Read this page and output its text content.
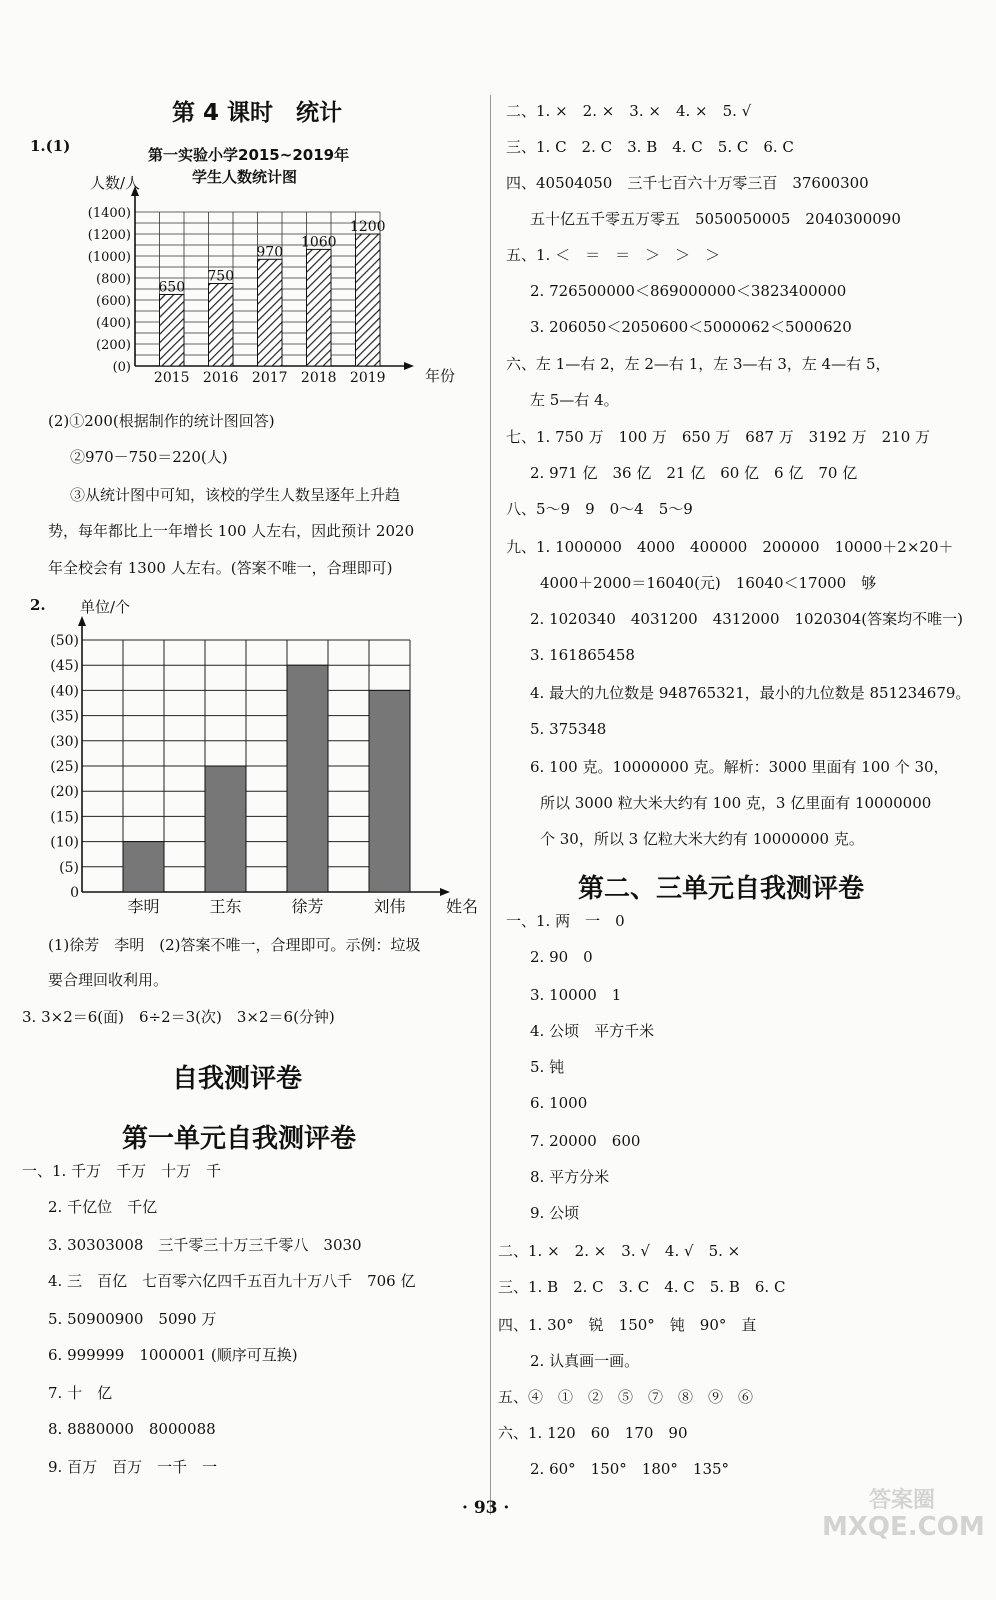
第 4 课时　统计
1.(1)	第一实验小学2015~2019年
学生人数统计图
(1400)
(1200)
(1000)
(800)
(600)
(400)
(200)
(0)
人数/人
年份
2015
650
2016
750
2017
970
2018
1060
2019
1200
(2)①200(根据制作的统计图回答)
②970－750＝220(人)
③从统计图中可知，该校的学生人数呈逐年上升趋
势，每年都比上一年增长 100 人左右，因此预计 2020
年全校会有 1300 人左右。(答案不唯一，合理即可)
2.
(50)
(45)
(40)
(35)
(30)
(25)
(20)
(15)
(10)
(5)
0
单位/个
姓名
李明	王东	徐芳	刘伟
(1)徐芳　李明　(2)答案不唯一，合理即可。示例：垃圾
要合理回收利用。
3. 3×2＝6(面)　6÷2＝3(次)　3×2＝6(分钟)
自我测评卷
第一单元自我测评卷
一、1. 千万　千万　十万　千
2. 千亿位　千亿
3. 30303008　三千零三十万三千零八　3030
4. 三　百亿　七百零六亿四千五百九十万八千　706 亿
5. 50900900　5090 万
6. 999999　1000001 (顺序可互换)
7. 十　亿
8. 8880000　8000088
9. 百万　百万　一千　一
二、1. ×　2. ×　3. ×　4. ×　5. √
三、1. C　2. C　3. B　4. C　5. C　6. C
四、40504050　三千七百六十万零三百　37600300
五十亿五千零五万零五　5050050005　2040300090
五、1. ＜　＝　＝　＞　＞　＞
2. 726500000＜869000000＜3823400000
3. 206050＜2050600＜5000062＜5000620
六、左 1—右 2，左 2—右 1，左 3—右 3，左 4—右 5，
左 5—右 4。
七、1. 750 万　100 万　650 万　687 万　3192 万　210 万
2. 971 亿　36 亿　21 亿　60 亿　6 亿　70 亿
八、5～9　9　0～4　5～9
九、1. 1000000　4000　400000　200000　10000＋2×20＋
4000＋2000＝16040(元)　16040＜17000　够
2. 1020340　4031200　4312000　1020304(答案均不唯一)
3. 161865458
4. 最大的九位数是 948765321，最小的九位数是 851234679。
5. 375348
6. 100 克。10000000 克。解析：3000 里面有 100 个 30，
所以 3000 粒大米大约有 100 克，3 亿里面有 10000000
个 30，所以 3 亿粒大米大约有 10000000 克。
第二、三单元自我测评卷
一、1. 两　一　0
2. 90　0
3. 10000　1
4. 公顷　平方千米
5. 钝
6. 1000
7. 20000　600
8. 平方分米
9. 公顷
二、1. ×　2. ×　3. √　4. √　5. ×
三、1. B　2. C　3. C　4. C　5. B　6. C
四、1. 30°　锐　150°　钝　90°　直
2. 认真画一画。
五、④　①　②　⑤　⑦　⑧　⑨　⑥
六、1. 120　60　170　90
2. 60°　150°　180°　135°
· 93 ·	答案圈
MXQE.COM
